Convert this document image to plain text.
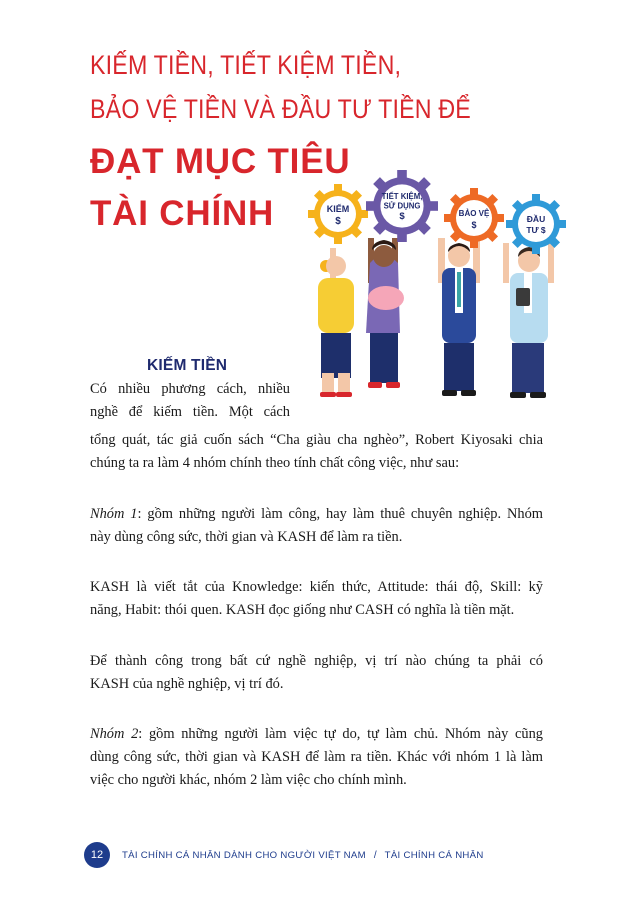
KIẾM TIỀN, TIẾT KIỆM TIỀN,
BẢO VỆ TIỀN VÀ ĐẦU TƯ TIỀN ĐỂ
ĐẠT MỤC TIÊU
TÀI CHÍNH	KIẾM
$
TIẾT KIỆM,
SỬ DỤNG
$	BẢO VỆ
$
ĐẦU
TƯ $
KIẾM TIỀN
Có nhiều phương cách, nhiều
nghề để kiếm tiền. Một cách
tổng quát, tác giả cuốn sách “Cha giàu cha nghèo”, Robert Kiyosaki chia
chúng ta ra làm 4 nhóm chính theo tính chất công việc, như sau:
Nhóm 1: gồm những người làm công, hay làm thuê chuyên nghiệp. Nhóm
này dùng công sức, thời gian và KASH để làm ra tiền.
KASH là viết tắt của Knowledge: kiến thức, Attitude: thái độ, Skill: kỹ
năng, Habit: thói quen. KASH đọc giống như CASH có nghĩa là tiền mặt.
Để thành công trong bất cứ nghề nghiệp, vị trí nào chúng ta phải có
KASH của nghề nghiệp, vị trí đó.
Nhóm 2: gồm những người làm việc tự do, tự làm chủ. Nhóm này cũng
dùng công sức, thời gian và KASH để làm ra tiền. Khác với nhóm 1 là làm
việc cho người khác, nhóm 2 làm việc cho chính mình.
12	TÀI CHÍNH CÁ NHÂN DÀNH CHO NGƯỜI VIỆT NAM / TÀI CHÍNH CÁ NHÂN
